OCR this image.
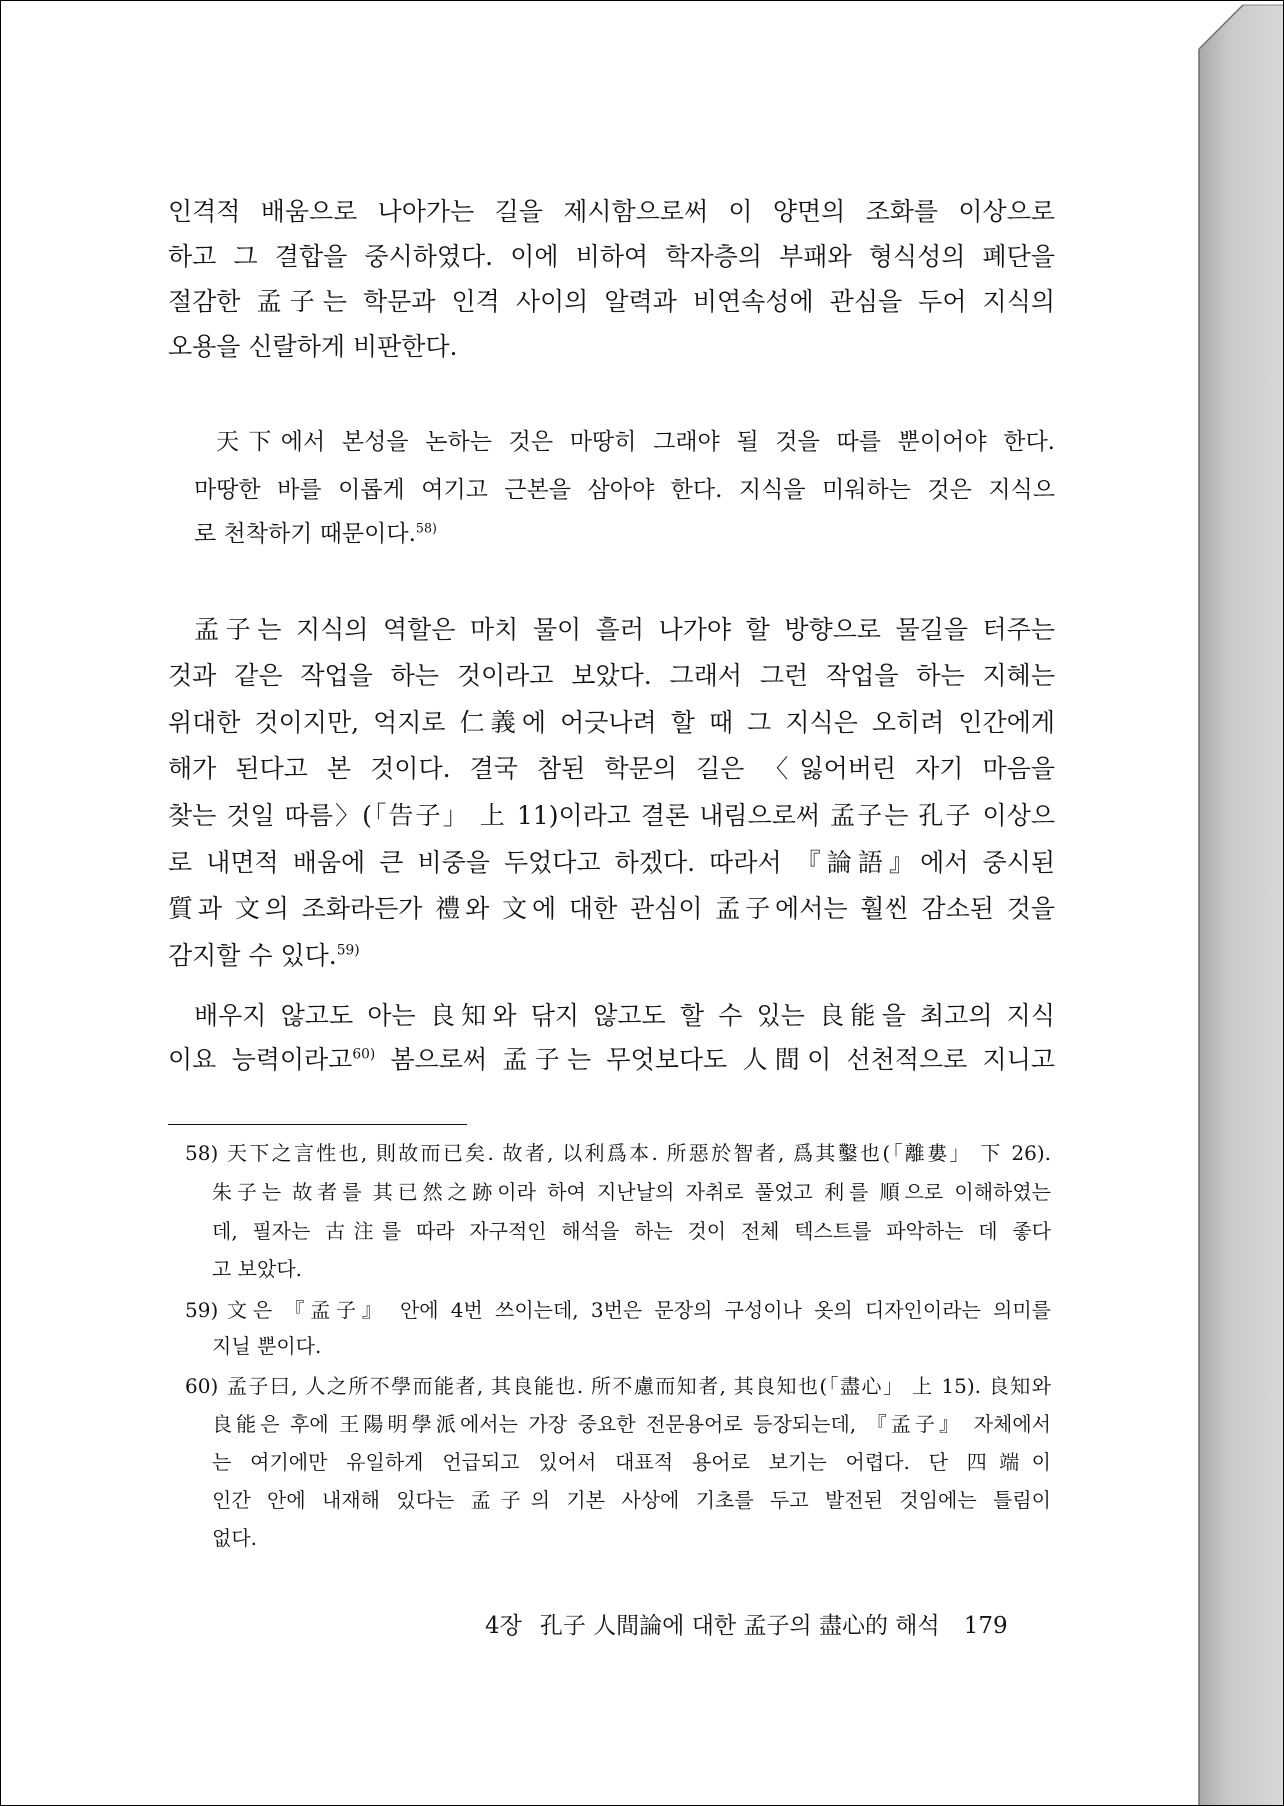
인격적 배움으로 나아가는 길을 제시함으로써 이 양면의 조화를 이상으로
하고 그 결합을 중시하였다. 이에 비하여 학자층의 부패와 형식성의 폐단을
절감한 孟子는 학문과 인격 사이의 알력과 비연속성에 관심을 두어 지식의
오용을 신랄하게 비판한다.
天下에서 본성을 논하는 것은 마땅히 그래야 될 것을 따를 뿐이어야 한다.
마땅한 바를 이롭게 여기고 근본을 삼아야 한다. 지식을 미워하는 것은 지식으
로 천착하기 때문이다.$^{58)}$
孟子는 지식의 역할은 마치 물이 흘러 나가야 할 방향으로 물길을 터주는
것과 같은 작업을 하는 것이라고 보았다. 그래서 그런 작업을 하는 지혜는
위대한 것이지만, 억지로 仁義에 어긋나려 할 때 그 지식은 오히려 인간에게
해가 된다고 본 것이다. 결국 참된 학문의 길은 〈잃어버린 자기 마음을
찾는 것일 따름〉(「告子」 上 11)이라고 결론 내림으로써 孟子는 孔子 이상으
로 내면적 배움에 큰 비중을 두었다고 하겠다. 따라서 『論語』에서 중시된
質과 文의 조화라든가 禮와 文에 대한 관심이 孟子에서는 훨씬 감소된 것을
감지할 수 있다.$^{59)}$
배우지 않고도 아는 良知와 닦지 않고도 할 수 있는 良能을 최고의 지식
이요 능력이라고$^{60)}$ 봄으로써 孟子는 무엇보다도 人間이 선천적으로 지니고
58) 天下之言性也, 則故而已矣. 故者, 以利爲本. 所惡於智者, 爲其鑿也(「離婁」 下 26).
朱子는 故者를 其已然之跡이라 하여 지난날의 자취로 풀었고 利를 順으로 이해하였는
데, 필자는 古注를 따라 자구적인 해석을 하는 것이 전체 텍스트를 파악하는 데 좋다
고 보았다.
59) 文은 『孟子』 안에 4번 쓰이는데, 3번은 문장의 구성이나 옷의 디자인이라는 의미를
지닐 뿐이다.
60) 孟子曰, 人之所不學而能者, 其良能也. 所不慮而知者, 其良知也(「盡心」 上 15). 良知와
良能은 후에 王陽明學派에서는 가장 중요한 전문용어로 등장되는데, 『孟子』 자체에서
는 여기에만 유일하게 언급되고 있어서 대표적 용어로 보기는 어렵다. 단 四端이
인간 안에 내재해 있다는 孟子의 기본 사상에 기초를 두고 발전된 것임에는 틀림이
없다.
4장 孔子 人間論에 대한 孟子의 盡心的 해석 179
